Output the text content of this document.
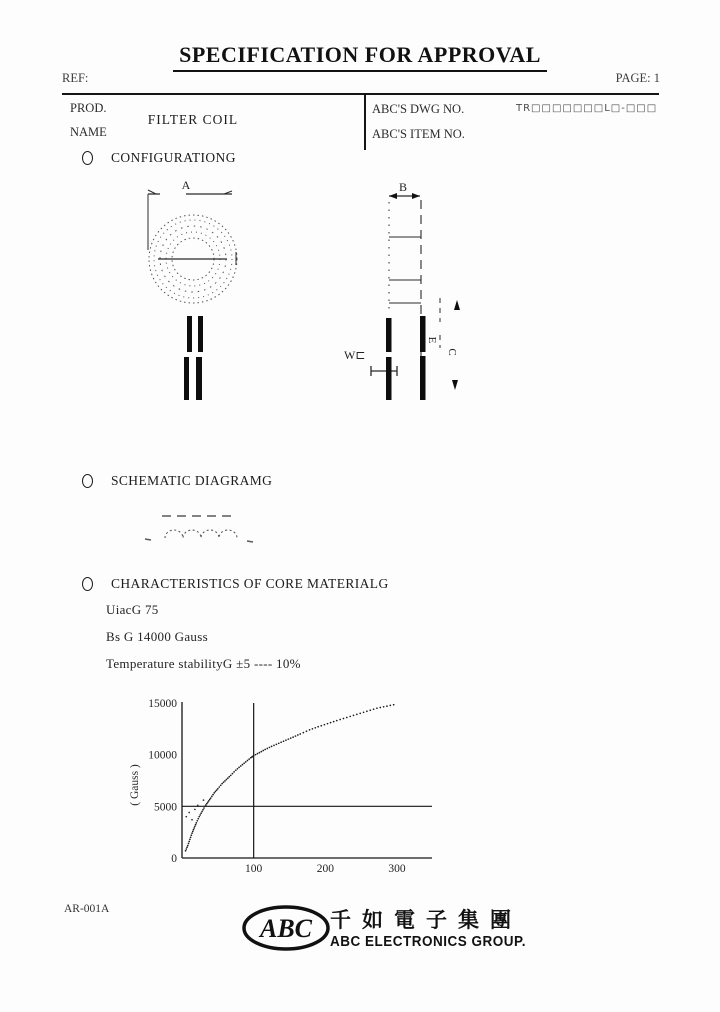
SPECIFICATION FOR APPROVAL
REF:	PAGE: 1
PROD.
NAME
FILTER COIL
ABC'S DWG NO.	TR□□□□□□□L□-□□□
ABC'S ITEM NO.
CONFIGURATIONG
A	B
W⊏
E
C
SCHEMATIC DIAGRAMG
CHARACTERISTICS OF CORE MATERIALG
UiacG 75
Bs G 14000 Gauss
Temperature stabilityG ±5 ---- 10%
0
5000
10000
15000
100	200	300
( Gauss )
AR-001A
ABC 千如電子集團
ABC ELECTRONICS GROUP.
